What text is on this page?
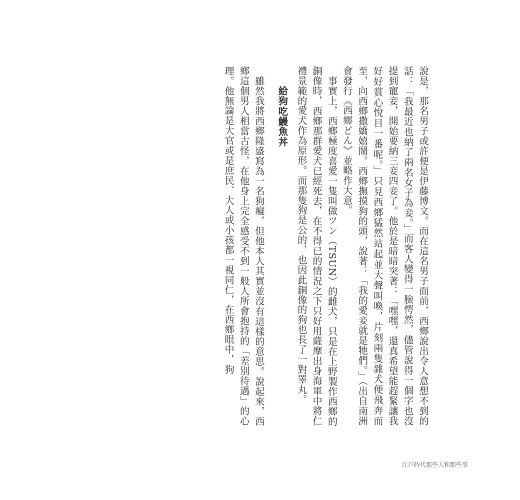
說是，那名男子或許便是伊藤博文。而在這名男子面前，西鄉說出令人意想不到的話：「我最近也納了兩名女子為妾。」而客人變得一臉愕然，儘管說得一個字也沒提到寵妾，開始要納三妾四妾了。他於是暗暗突著：「嘿嘿，還真希望能趕緊讓我好好賞心悅目一番呢。」只見西鄉猛然站起並大聲叫喚，片刻兩隻雜犬便飛奔而至，向西鄉撒嬌嬉鬧。西鄉撫摸狗的頭，說著：「我的愛妾就是牠們。」（出自南洲會發行《西鄉どん》並略作大意。

事實上，西鄉極度喜愛一隻叫做ツン（TSUN）的雌犬，只是在上野製作西鄉的銅像時，西鄉那群愛犬已經死去，在不得已的情況之下只好用薩摩出身海軍中將仁禮景範的愛犬作為原形。而那隻狗是公的，也因此銅像的狗也長了一對睪丸。

給狗吃鰻魚丼

雖然我將西鄉隆盛寫為一名狗癡，但他本人其實並沒有這樣的意思。說起來，西鄉這個男人相當古怪，在他身上完全感受不到一般人所會抱持的「差別待遇」的心理。他無論是大官或是庶民、大人或小孩都一視同仁，在西鄉眼中，狗

江戶時代那些人和那些事
